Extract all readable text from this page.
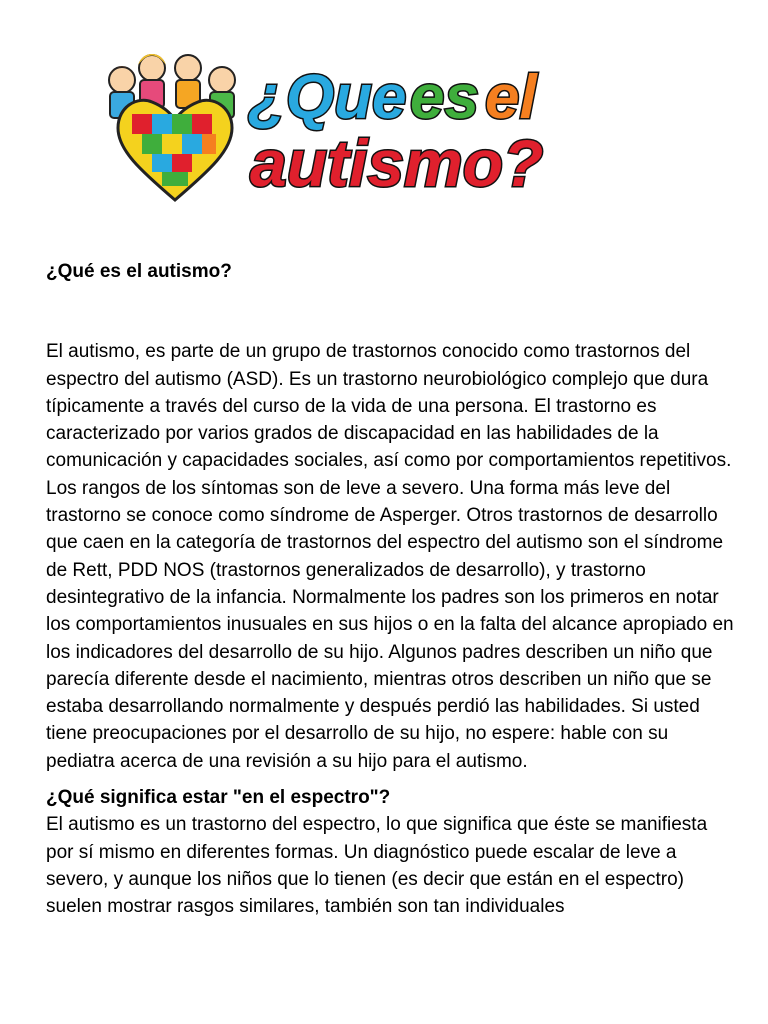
¿Que es el
autismo?

¿Qué es el autismo?

El autismo, es parte de un grupo de trastornos conocido como trastornos del espectro del autismo (ASD). Es un trastorno neurobiológico complejo que dura típicamente a través del curso de la vida de una persona. El trastorno es caracterizado por varios grados de discapacidad en las habilidades de la comunicación y capacidades sociales, así como por comportamientos repetitivos. Los rangos de los síntomas son de leve a severo. Una forma más leve del trastorno se conoce como síndrome de Asperger. Otros trastornos de desarrollo que caen en la categoría de trastornos del espectro del autismo son el síndrome de Rett, PDD NOS (trastornos generalizados de desarrollo), y trastorno desintegrativo de la infancia. Normalmente los padres son los primeros en notar los comportamientos inusuales en sus hijos o en la falta del alcance apropiado en los indicadores del desarrollo de su hijo. Algunos padres describen un niño que parecía diferente desde el nacimiento, mientras otros describen un niño que se estaba desarrollando normalmente y después perdió las habilidades. Si usted tiene preocupaciones por el desarrollo de su hijo, no espere: hable con su pediatra acerca de una revisión a su hijo para el autismo.

¿Qué significa estar "en el espectro"?

El autismo es un trastorno del espectro, lo que significa que éste se manifiesta por sí mismo en diferentes formas. Un diagnóstico puede escalar de leve a severo, y aunque los niños que lo tienen (es decir que están en el espectro) suelen mostrar rasgos similares, también son tan individuales
